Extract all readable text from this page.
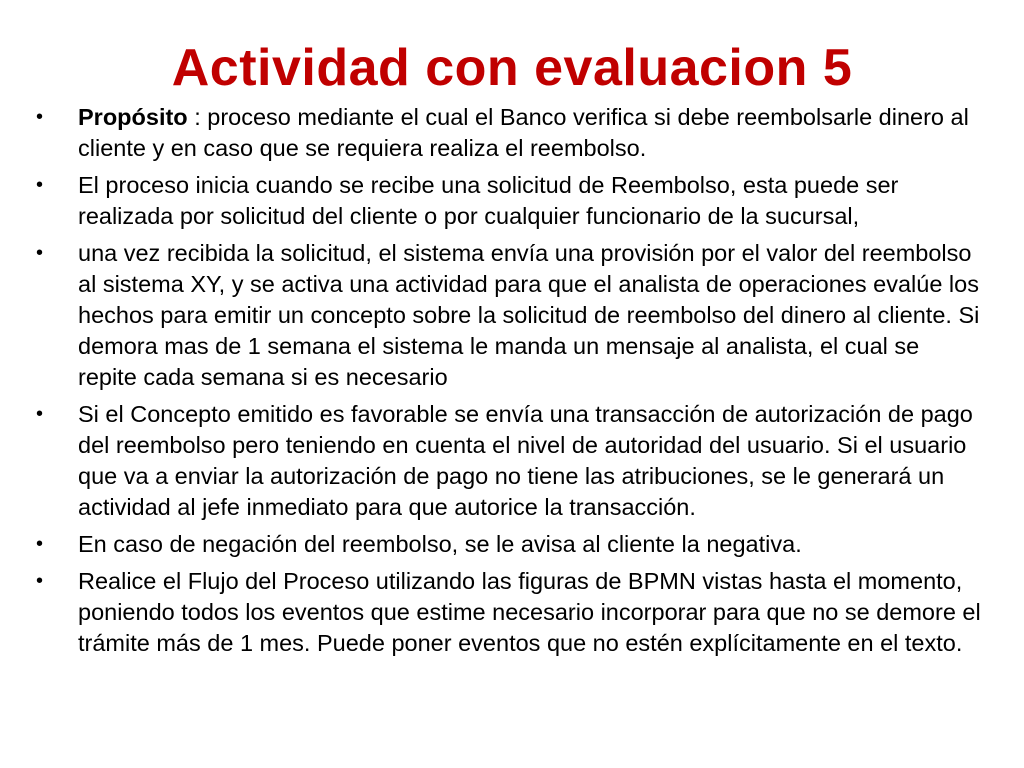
Actividad con evaluacion 5
• Propósito : proceso mediante el cual el Banco verifica si debe reembolsarle dinero al cliente y en caso que se requiera realiza el reembolso.
• El proceso inicia cuando se recibe una solicitud de Reembolso, esta puede ser realizada por solicitud del cliente o por cualquier funcionario de la sucursal,
• una vez recibida la solicitud, el sistema envía una provisión por el valor del reembolso al sistema XY, y se activa una actividad para que el analista de operaciones evalúe los hechos para emitir un concepto sobre la solicitud de reembolso del dinero al cliente. Si demora mas de 1 semana el sistema le manda un mensaje al analista, el cual se repite cada semana si es necesario
• Si el Concepto emitido es favorable se envía una transacción de autorización de pago del reembolso pero teniendo en cuenta el nivel de autoridad del usuario. Si el usuario que va a enviar la autorización de pago no tiene las atribuciones, se le generará un actividad al jefe inmediato para que autorice la transacción.
• En caso de negación del reembolso, se le avisa al cliente la negativa.
• Realice el Flujo del Proceso utilizando las figuras de BPMN vistas hasta el momento, poniendo todos los eventos que estime necesario incorporar para que no se demore el trámite más de 1 mes. Puede poner eventos que no estén explícitamente en el texto.
